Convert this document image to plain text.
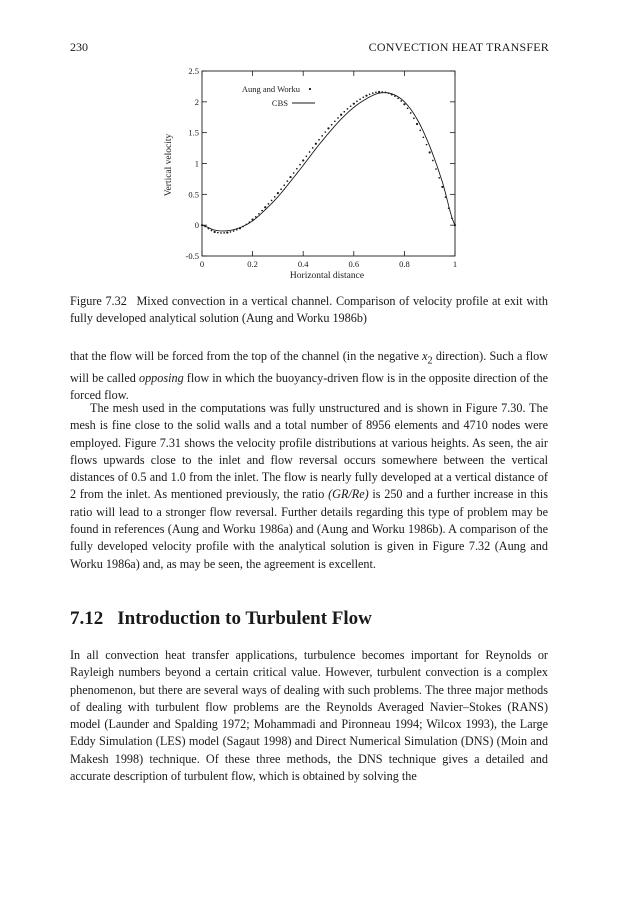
230	CONVECTION HEAT TRANSFER
0	0.2	0.4	0.6	0.8	1
-0.5
0
0.5
1
1.5
2
2.5
Aung and Worku
CBS
Horizontal distance
Vertical velocity
Figure 7.32 Mixed convection in a vertical channel. Comparison of velocity profile at exit with fully developed analytical solution (Aung and Worku 1986b)

that the flow will be forced from the top of the channel (in the negative $x_2$ direction). Such a flow will be called opposing flow in which the buoyancy-driven flow is in the opposite direction of the forced flow.

The mesh used in the computations was fully unstructured and is shown in Figure 7.30. The mesh is fine close to the solid walls and a total number of 8956 elements and 4710 nodes were employed. Figure 7.31 shows the velocity profile distributions at various heights. As seen, the air flows upwards close to the inlet and flow reversal occurs somewhere between the vertical distances of 0.5 and 1.0 from the inlet. The flow is nearly fully developed at a vertical distance of 2 from the inlet. As mentioned previously, the ratio (GR/Re) is 250 and a further increase in this ratio will lead to a stronger flow reversal. Further details regarding this type of problem may be found in references (Aung and Worku 1986a) and (Aung and Worku 1986b). A comparison of the fully developed velocity profile with the analytical solution is given in Figure 7.32 (Aung and Worku 1986a) and, as may be seen, the agreement is excellent.

7.12 Introduction to Turbulent Flow

In all convection heat transfer applications, turbulence becomes important for Reynolds or Rayleigh numbers beyond a certain critical value. However, turbulent convection is a complex phenomenon, but there are several ways of dealing with such problems. The three major methods of dealing with turbulent flow problems are the Reynolds Averaged Navier–Stokes (RANS) model (Launder and Spalding 1972; Mohammadi and Pironneau 1994; Wilcox 1993), the Large Eddy Simulation (LES) model (Sagaut 1998) and Direct Numerical Simulation (DNS) (Moin and Makesh 1998) technique. Of these three methods, the DNS technique gives a detailed and accurate description of turbulent flow, which is obtained by solving the
